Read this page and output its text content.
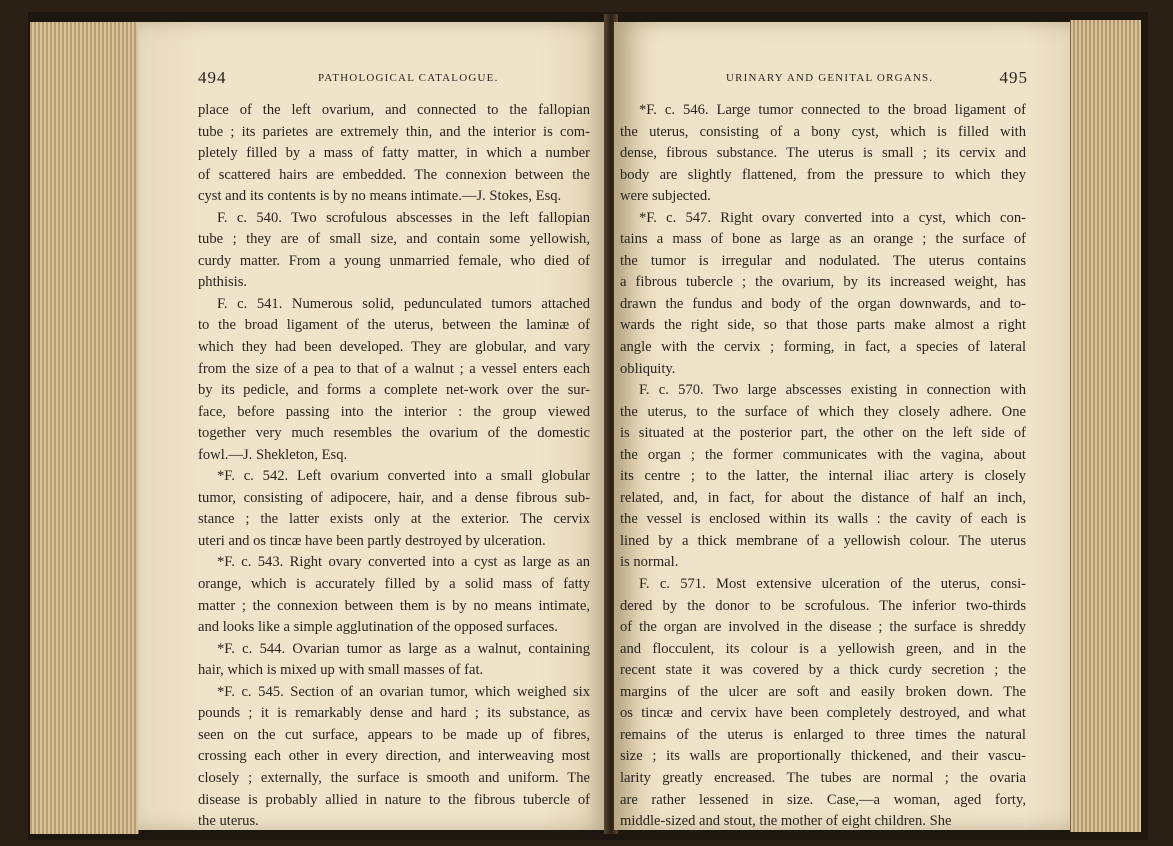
494	PATHOLOGICAL CATALOGUE.
place of the left ovarium, and connected to the fallopian
tube ; its parietes are extremely thin, and the interior is com-
pletely filled by a mass of fatty matter, in which a number
of scattered hairs are embedded. The connexion between the
cyst and its contents is by no means intimate.—J. Stokes, Esq.
F. c. 540. Two scrofulous abscesses in the left fallopian
tube ; they are of small size, and contain some yellowish,
curdy matter. From a young unmarried female, who died of
phthisis.
F. c. 541. Numerous solid, pedunculated tumors attached
to the broad ligament of the uterus, between the laminæ of
which they had been developed. They are globular, and vary
from the size of a pea to that of a walnut ; a vessel enters each
by its pedicle, and forms a complete net-work over the sur-
face, before passing into the interior : the group viewed
together very much resembles the ovarium of the domestic
fowl.—J. Shekleton, Esq.
*F. c. 542. Left ovarium converted into a small globular
tumor, consisting of adipocere, hair, and a dense fibrous sub-
stance ; the latter exists only at the exterior. The cervix
uteri and os tincæ have been partly destroyed by ulceration.
*F. c. 543. Right ovary converted into a cyst as large as an
orange, which is accurately filled by a solid mass of fatty
matter ; the connexion between them is by no means intimate,
and looks like a simple agglutination of the opposed surfaces.
*F. c. 544. Ovarian tumor as large as a walnut, containing
hair, which is mixed up with small masses of fat.
*F. c. 545. Section of an ovarian tumor, which weighed six
pounds ; it is remarkably dense and hard ; its substance, as
seen on the cut surface, appears to be made up of fibres,
crossing each other in every direction, and interweaving most
closely ; externally, the surface is smooth and uniform. The
disease is probably allied in nature to the fibrous tubercle of
the uterus.
URINARY AND GENITAL ORGANS.	495
*F. c. 546. Large tumor connected to the broad ligament of
the uterus, consisting of a bony cyst, which is filled with
dense, fibrous substance. The uterus is small ; its cervix and
body are slightly flattened, from the pressure to which they
were subjected.
*F. c. 547. Right ovary converted into a cyst, which con-
tains a mass of bone as large as an orange ; the surface of
the tumor is irregular and nodulated. The uterus contains
a fibrous tubercle ; the ovarium, by its increased weight, has
drawn the fundus and body of the organ downwards, and to-
wards the right side, so that those parts make almost a right
angle with the cervix ; forming, in fact, a species of lateral
obliquity.
F. c. 570. Two large abscesses existing in connection with
the uterus, to the surface of which they closely adhere. One
is situated at the posterior part, the other on the left side of
the organ ; the former communicates with the vagina, about
its centre ; to the latter, the internal iliac artery is closely
related, and, in fact, for about the distance of half an inch,
the vessel is enclosed within its walls : the cavity of each is
lined by a thick membrane of a yellowish colour. The uterus
is normal.
F. c. 571. Most extensive ulceration of the uterus, consi-
dered by the donor to be scrofulous. The inferior two-thirds
of the organ are involved in the disease ; the surface is shreddy
and flocculent, its colour is a yellowish green, and in the
recent state it was covered by a thick curdy secretion ; the
margins of the ulcer are soft and easily broken down. The
os tincæ and cervix have been completely destroyed, and what
remains of the uterus is enlarged to three times the natural
size ; its walls are proportionally thickened, and their vascu-
larity greatly encreased. The tubes are normal ; the ovaria
are rather lessened in size. Case,—a woman, aged forty,
middle-sized and stout, the mother of eight children. She
